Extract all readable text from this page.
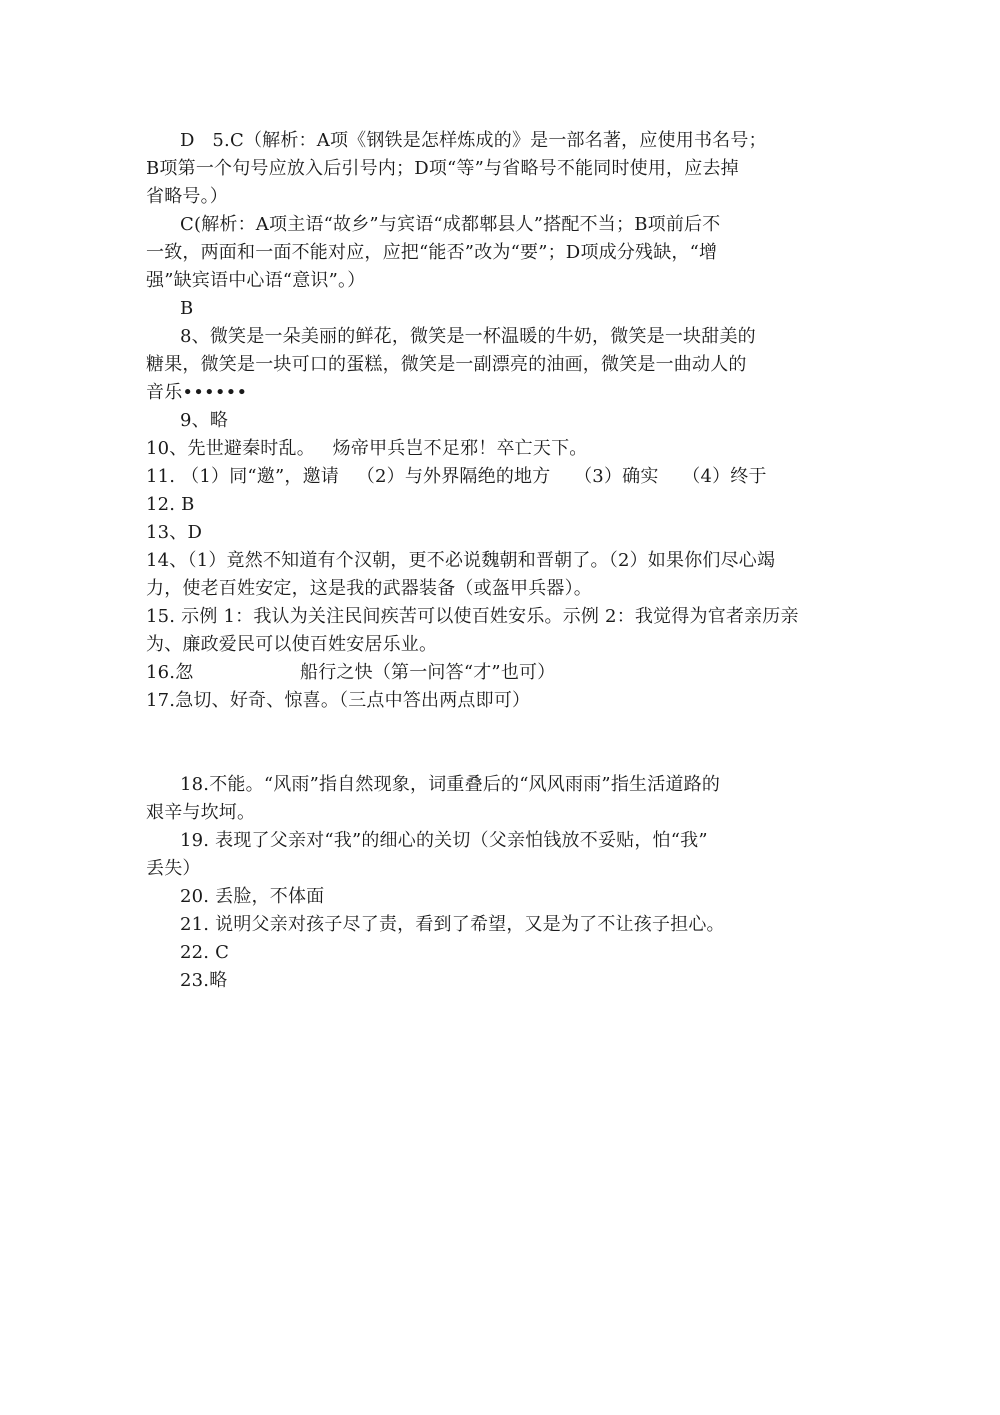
D   5.C（解析：A项《钢铁是怎样炼成的》是一部名著，应使用书名号；
B项第一个句号应放入后引号内；D项“等”与省略号不能同时使用，应去掉
省略号。）
C(解析：A项主语“故乡”与宾语“成都郫县人”搭配不当；B项前后不
一致，两面和一面不能对应，应把“能否”改为“要”；D项成分残缺，“增
强”缺宾语中心语“意识”。）
B
8、微笑是一朵美丽的鲜花，微笑是一杯温暖的牛奶，微笑是一块甜美的
糖果，微笑是一块可口的蛋糕，微笑是一副漂亮的油画，微笑是一曲动人的
音乐••••••
9、略
10、先世避秦时乱。   炀帝甲兵岂不足邪！卒亡天下。
11. （1）同“邀”，邀请   （2）与外界隔绝的地方    （3）确实    （4）终于
12. B
13、D
14、（1）竟然不知道有个汉朝，更不必说魏朝和晋朝了。（2）如果你们尽心竭
力，使老百姓安定，这是我的武器装备（或盔甲兵器）。
15. 示例 1：我认为关注民间疾苦可以使百姓安乐。示例 2：我觉得为官者亲历亲
为、廉政爱民可以使百姓安居乐业。
16.忽                  船行之快（第一问答“才”也可）
17.急切、好奇、惊喜。（三点中答出两点即可）
18.不能。“风雨”指自然现象，词重叠后的“风风雨雨”指生活道路的
艰辛与坎坷。
19. 表现了父亲对“我”的细心的关切（父亲怕钱放不妥贴，怕“我”
丢失）
20. 丢脸，不体面
21. 说明父亲对孩子尽了责，看到了希望，又是为了不让孩子担心。
22. C
23.略
